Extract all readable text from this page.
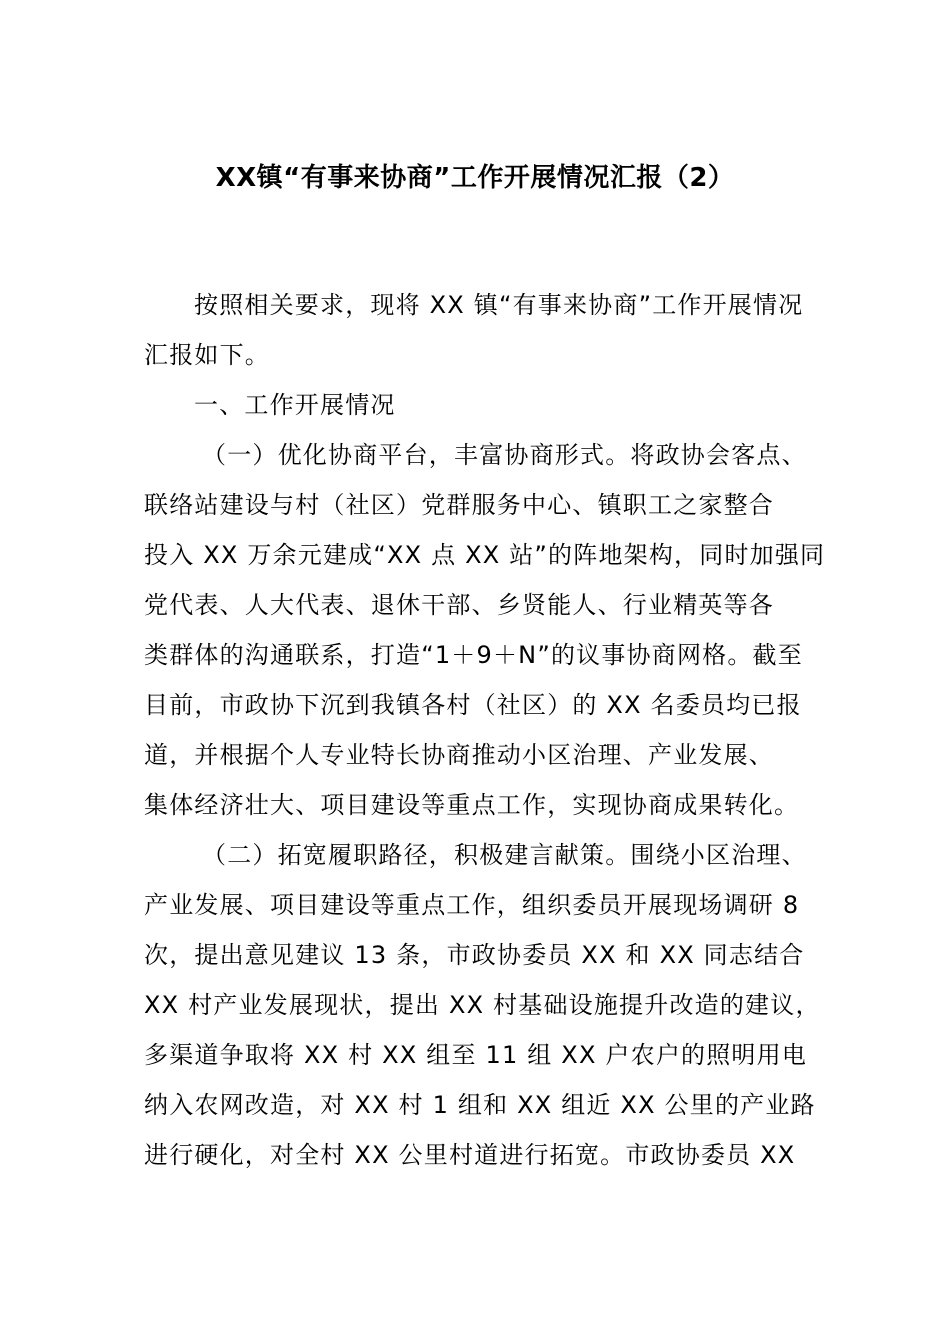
XX镇“有事来协商”工作开展情况汇报（2）

按照相关要求，现将 XX 镇“有事来协商”工作开展情况

汇报如下。

一、工作开展情况

（一）优化协商平台，丰富协商形式。将政协会客点、

联络站建设与村（社区）党群服务中心、镇职工之家整合

投入 XX 万余元建成“XX 点 XX 站”的阵地架构，同时加强同

党代表、人大代表、退休干部、乡贤能人、行业精英等各

类群体的沟通联系，打造“1＋9＋N”的议事协商网格。截至

目前，市政协下沉到我镇各村（社区）的 XX 名委员均已报

道，并根据个人专业特长协商推动小区治理、产业发展、

集体经济壮大、项目建设等重点工作，实现协商成果转化。

（二）拓宽履职路径，积极建言献策。围绕小区治理、

产业发展、项目建设等重点工作，组织委员开展现场调研 8

次，提出意见建议 13 条，市政协委员 XX 和 XX 同志结合

XX 村产业发展现状，提出 XX 村基础设施提升改造的建议，

多渠道争取将 XX 村 XX 组至 11 组 XX 户农户的照明用电

纳入农网改造，对 XX 村 1 组和 XX 组近 XX 公里的产业路

进行硬化，对全村 XX 公里村道进行拓宽。市政协委员 XX
